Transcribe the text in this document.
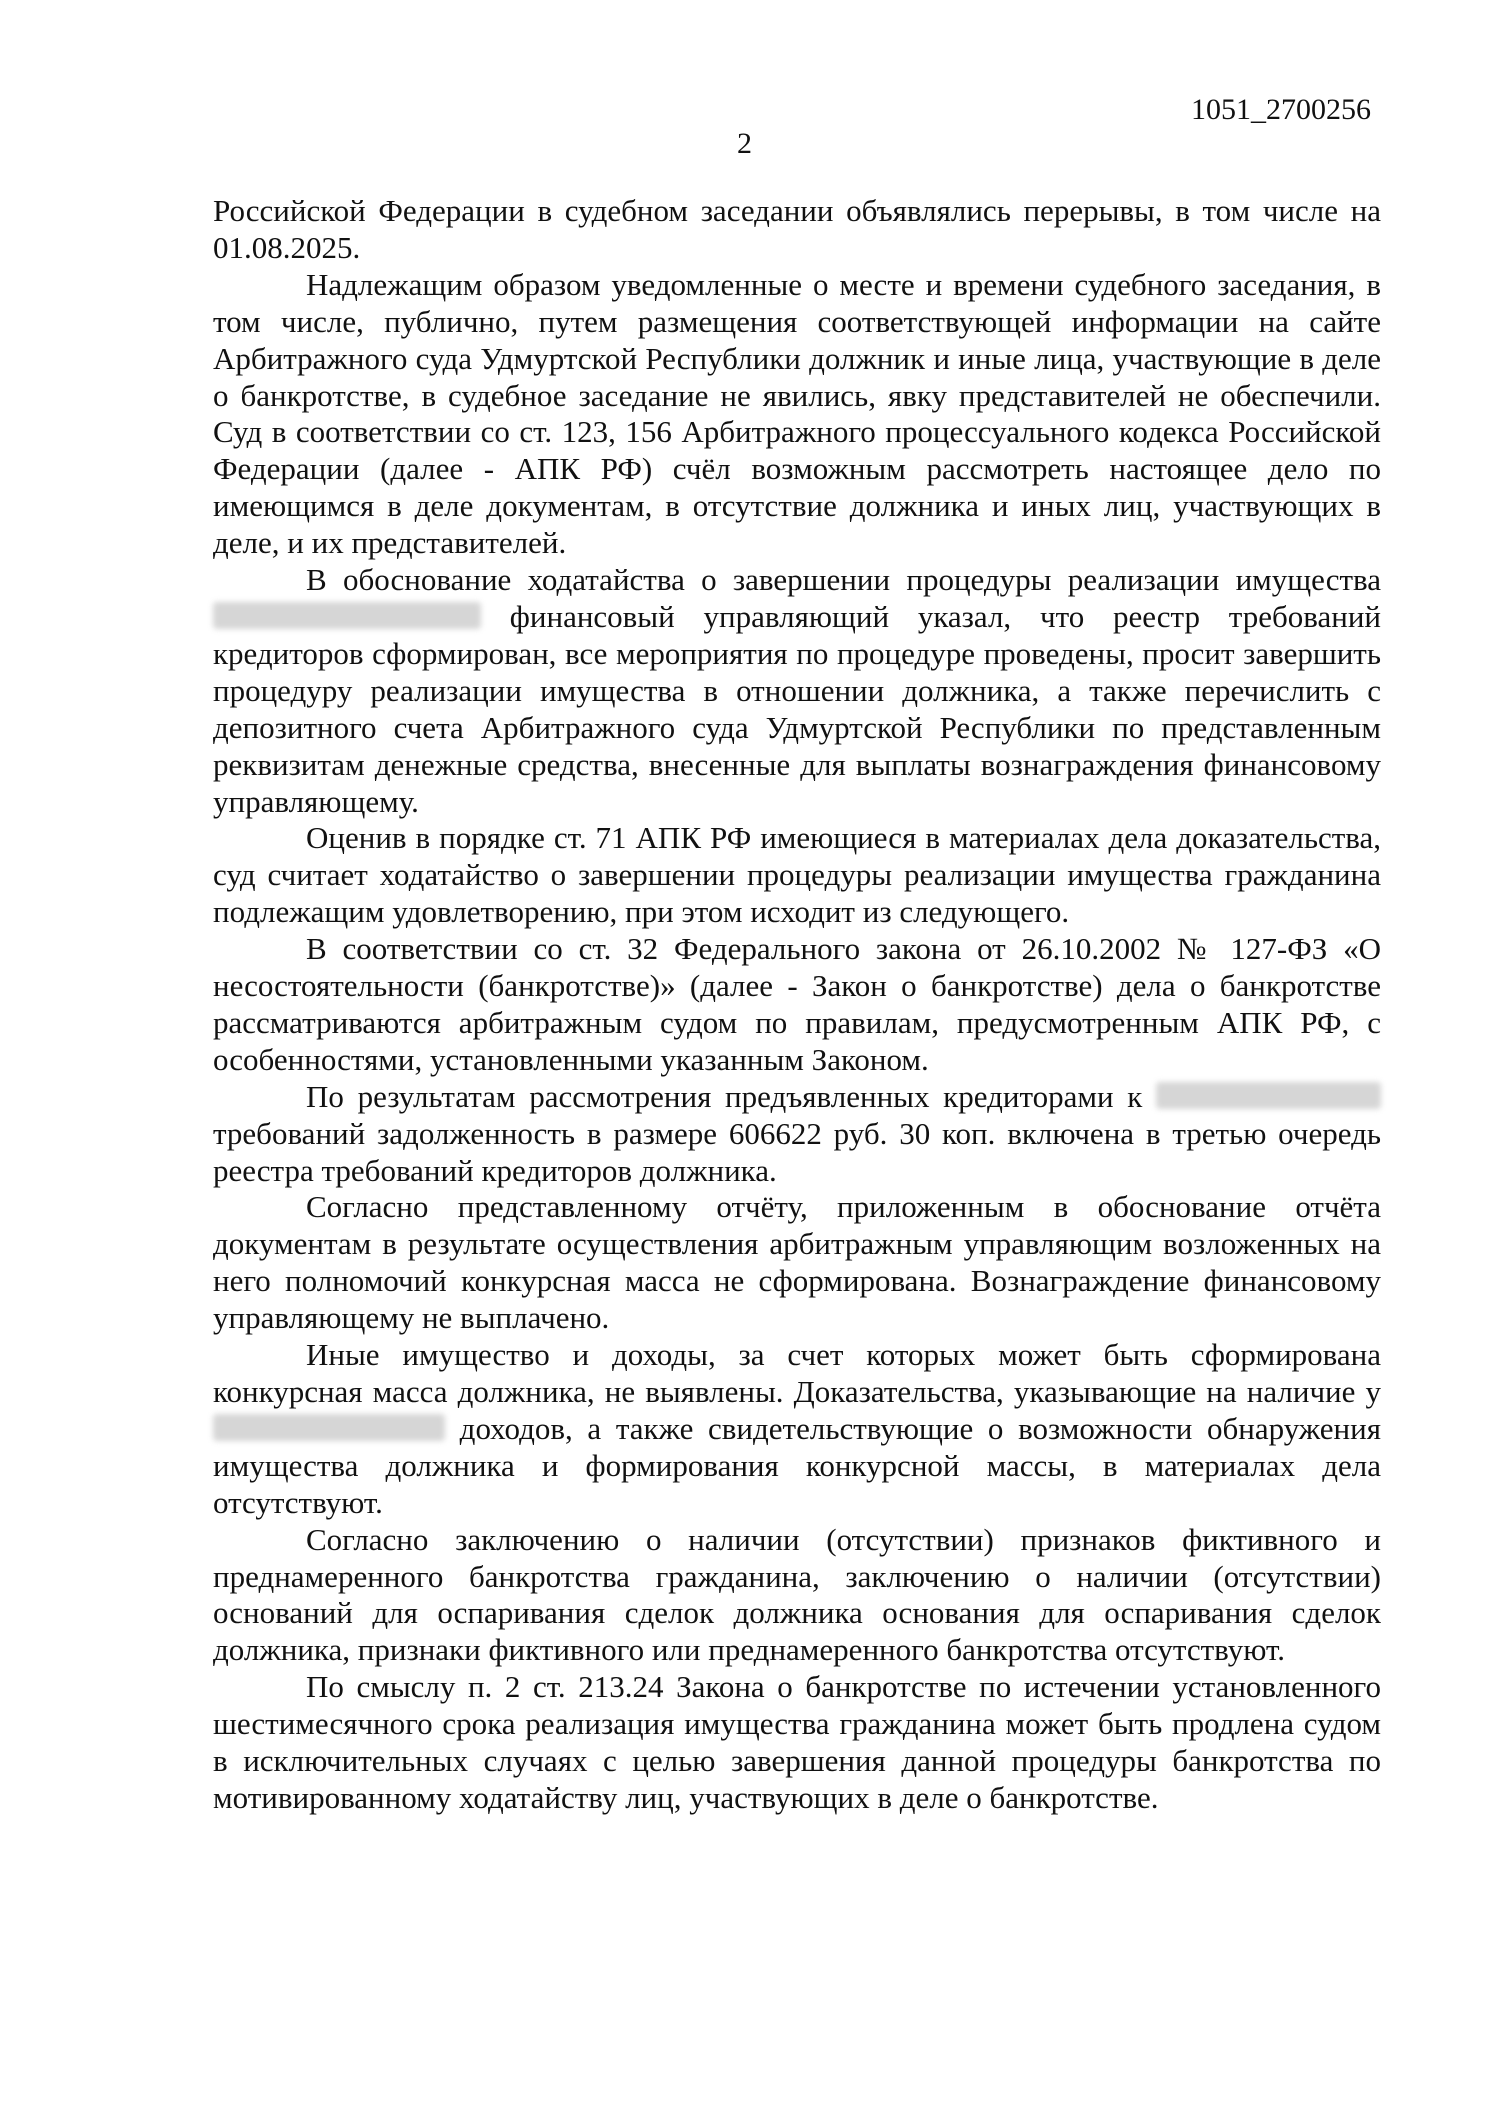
1051_2700256
2

Российской Федерации в судебном заседании объявлялись перерывы, в том числе на 01.08.2025.

Надлежащим образом уведомленные о месте и времени судебного заседания, в том числе, публично, путем размещения соответствующей информации на сайте Арбитражного суда Удмуртской Республики должник и иные лица, участвующие в деле о банкротстве, в судебное заседание не явились, явку представителей не обеспечили. Суд в соответствии со ст. 123, 156 Арбитражного процессуального кодекса Российской Федерации (далее - АПК РФ) счёл возможным рассмотреть настоящее дело по имеющимся в деле документам, в отсутствие должника и иных лиц, участвующих в деле, и их представителей.

В обоснование ходатайства о завершении процедуры реализации имущества  финансовый управляющий указал, что реестр требований кредиторов сформирован, все мероприятия по процедуре проведены, просит завершить процедуру реализации имущества в отношении должника, а также перечислить с депозитного счета Арбитражного суда Удмуртской Республики по представленным реквизитам денежные средства, внесенные для выплаты вознаграждения финансовому управляющему.

Оценив в порядке ст. 71 АПК РФ имеющиеся в материалах дела доказательства, суд считает ходатайство о завершении процедуры реализации имущества гражданина подлежащим удовлетворению, при этом исходит из следующего.

В соответствии со ст. 32 Федерального закона от 26.10.2002 № 127-ФЗ «О несостоятельности (банкротстве)» (далее - Закон о банкротстве) дела о банкротстве рассматриваются арбитражным судом по правилам, предусмотренным АПК РФ, с особенностями, установленными указанным Законом.

По результатам рассмотрения предъявленных кредиторами к  требований задолженность в размере 606622 руб. 30 коп. включена в третью очередь реестра требований кредиторов должника.

Согласно представленному отчёту, приложенным в обоснование отчёта документам в результате осуществления арбитражным управляющим возложенных на него полномочий конкурсная масса не сформирована. Вознаграждение финансовому управляющему не выплачено.

Иные имущество и доходы, за счет которых может быть сформирована конкурсная масса должника, не выявлены. Доказательства, указывающие на наличие у  доходов, а также свидетельствующие о возможности обнаружения имущества должника и формирования конкурсной массы, в материалах дела отсутствуют.

Согласно заключению о наличии (отсутствии) признаков фиктивного и преднамеренного банкротства гражданина, заключению о наличии (отсутствии) оснований для оспаривания сделок должника основания для оспаривания сделок должника, признаки фиктивного или преднамеренного банкротства отсутствуют.

По смыслу п. 2 ст. 213.24 Закона о банкротстве по истечении установленного шестимесячного срока реализация имущества гражданина может быть продлена судом в исключительных случаях с целью завершения данной процедуры банкротства по мотивированному ходатайству лиц, участвующих в деле о банкротстве.
